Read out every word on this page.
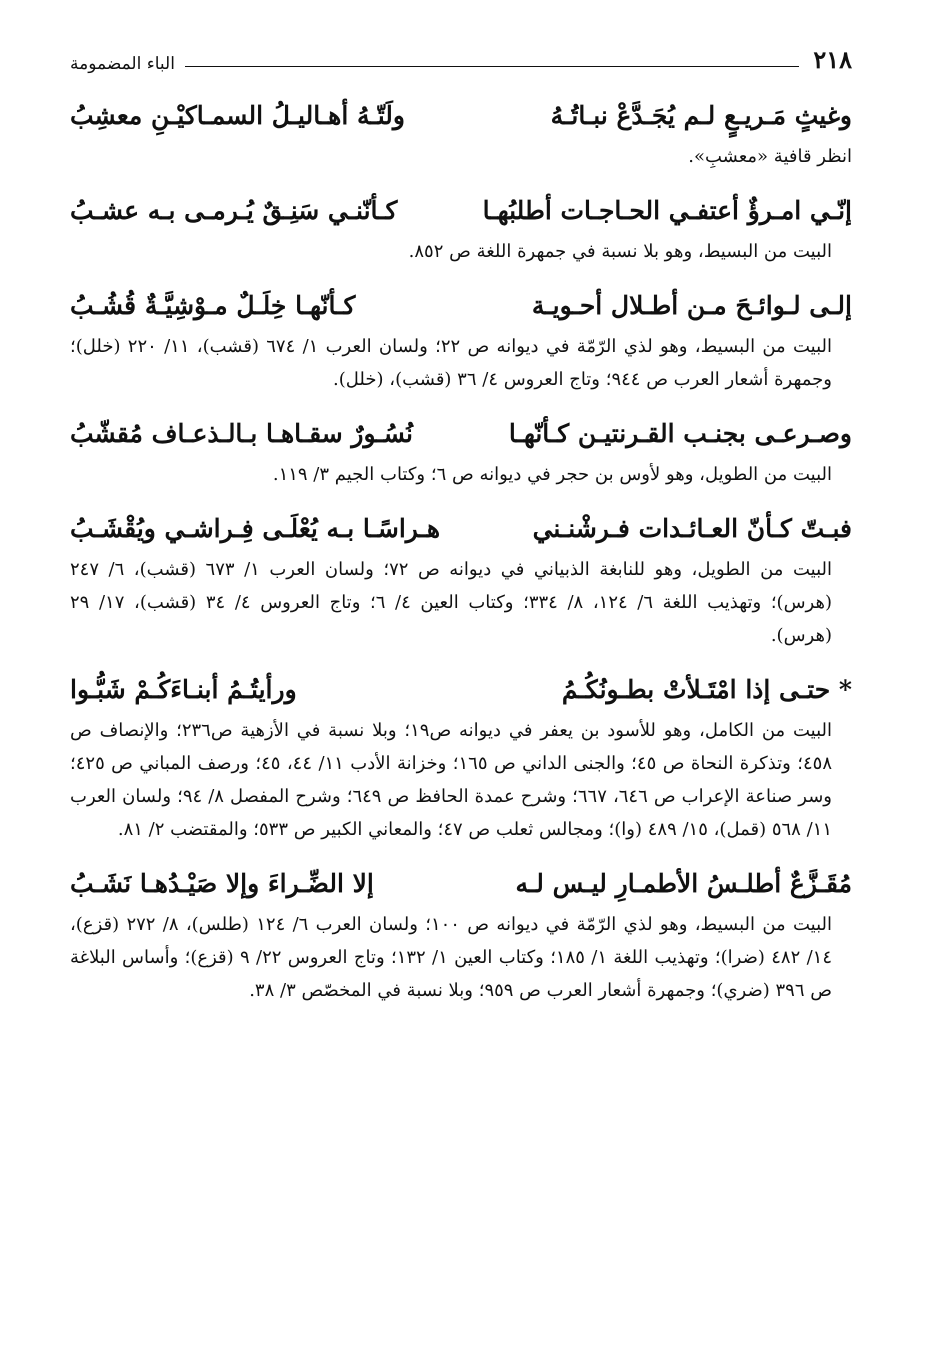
٢١٨
الباء المضمومة
وغيثٍ مَـريـعٍ لـم يُجَـدَّعْ نبـاتُـهُ
ولَتّـهُ أهـاليـلُ السمـاكيْـنِ معشِبُ
انظر قافية «معشبِ».
إنّـي امـرؤٌ أعتفـي الحـاجـات أطلبُهـا
كـأنّنـي سَنِـقٌ يُـرمـى بـه عشـبُ
البيت من البسيط، وهو بلا نسبة في جمهرة اللغة ص ٨٥٢.
إلـى لـوائـحَ مـن أطـلال أحـويـة
كـأنّهـا خِلَـلٌ مـوْشِيَّـةٌ قُشُـبُ
البيت من البسيط، وهو لذي الرّمّة في ديوانه ص ٢٢؛ ولسان العرب ١/ ٦٧٤ (قشب)، ١١/ ٢٢٠ (خلل)؛ وجمهرة أشعار العرب ص ٩٤٤؛ وتاج العروس ٤/ ٣٦ (قشب)، (خلل).
وصـرعـى بجنـب القـرنتيـن كـأنّهـا
نُسُـورٌ سقـاهـا بـالـذعـاف مُقشّبُ
البيت من الطويل، وهو لأوس بن حجر في ديوانه ص ٦؛ وكتاب الجيم ٣/ ١١٩.
فبـتّ كـأنّ العـائـدات فـرشْنـني
هـراسًـا بـه يُعْلَـى فِـراشـي ويُقْشَـبُ
البيت من الطويل، وهو للنابغة الذبياني في ديوانه ص ٧٢؛ ولسان العرب ١/ ٦٧٣ (قشب)، ٦/ ٢٤٧ (هرس)؛ وتهذيب اللغة ٦/ ١٢٤، ٨/ ٣٣٤؛ وكتاب العين ٤/ ٦؛ وتاج العروس ٤/ ٣٤ (قشب)، ١٧/ ٢٩ (هرس).
* حتـى إذا امْتَـلأتْ بطـونُكُـمُ
ورأيتُـمُ أبنـاءَكُـمْ شَبُّـوا
البيت من الكامل، وهو للأسود بن يعفر في ديوانه ص١٩؛ وبلا نسبة في الأزهية ص٢٣٦؛ والإنصاف ص ٤٥٨؛ وتذكرة النحاة ص ٤٥؛ والجنى الداني ص ١٦٥؛ وخزانة الأدب ١١/ ٤٤، ٤٥؛ ورصف المباني ص ٤٢٥؛ وسر صناعة الإعراب ص ٦٤٦، ٦٦٧؛ وشرح عمدة الحافظ ص ٦٤٩؛ وشرح المفصل ٨/ ٩٤؛ ولسان العرب ١١/ ٥٦٨ (قمل)، ١٥/ ٤٨٩ (وا)؛ ومجالس ثعلب ص ٤٧؛ والمعاني الكبير ص ٥٣٣؛ والمقتضب ٢/ ٨١.
مُقَـزَّعٌ أطلـسُ الأطمـارِ ليـس لـه
إلا الضِّـراءَ وإلا صَيْـدُهـا نَشَـبُ
البيت من البسيط، وهو لذي الرّمّة في ديوانه ص ١٠٠؛ ولسان العرب ٦/ ١٢٤ (طلس)، ٨/ ٢٧٢ (قزع)، ١٤/ ٤٨٢ (ضرا)؛ وتهذيب اللغة ١/ ١٨٥؛ وكتاب العين ١/ ١٣٢؛ وتاج العروس ٢٢/ ٩ (قزع)؛ وأساس البلاغة ص ٣٩٦ (ضري)؛ وجمهرة أشعار العرب ص ٩٥٩؛ وبلا نسبة في المخصّص ٣/ ٣٨.
